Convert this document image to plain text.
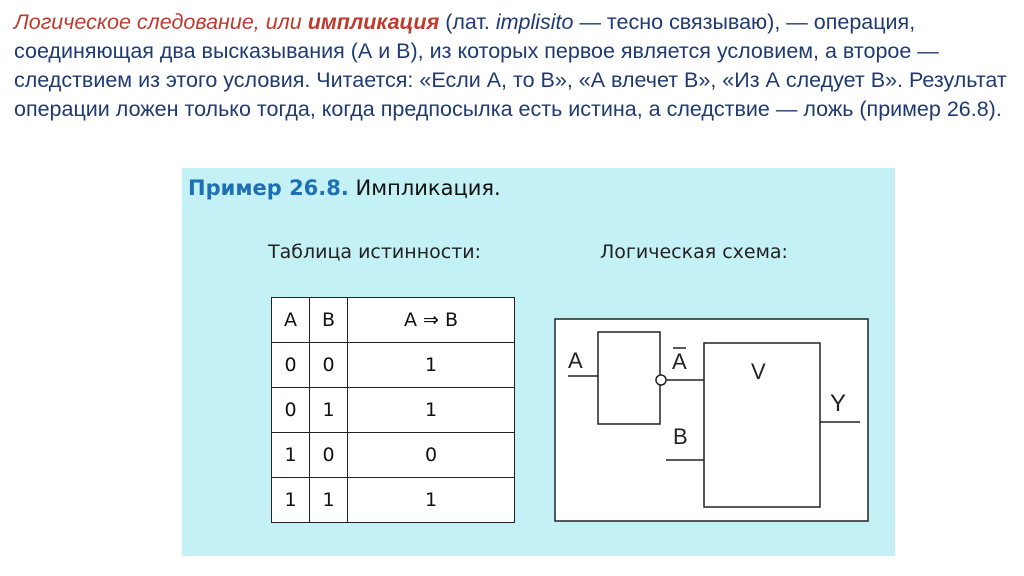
Логическое следование, или импликация (лат. implisito — тесно связываю), — операция, соединяющая два высказывания (А и В), из которых первое является условием, а второе — следствием из этого условия. Читается: «Если А, то В», «А влечет В», «Из А следует В». Результат операции ложен только тогда, когда предпосылка есть истина, а следствие — ложь (пример 26.8).
Пример 26.8. Импликация.
Таблица истинности:	Логическая схема:
A	B	A ⇒ B
0	0	1
0	1	1
1	0	0
1	1	1
A	A
B
V
Y
